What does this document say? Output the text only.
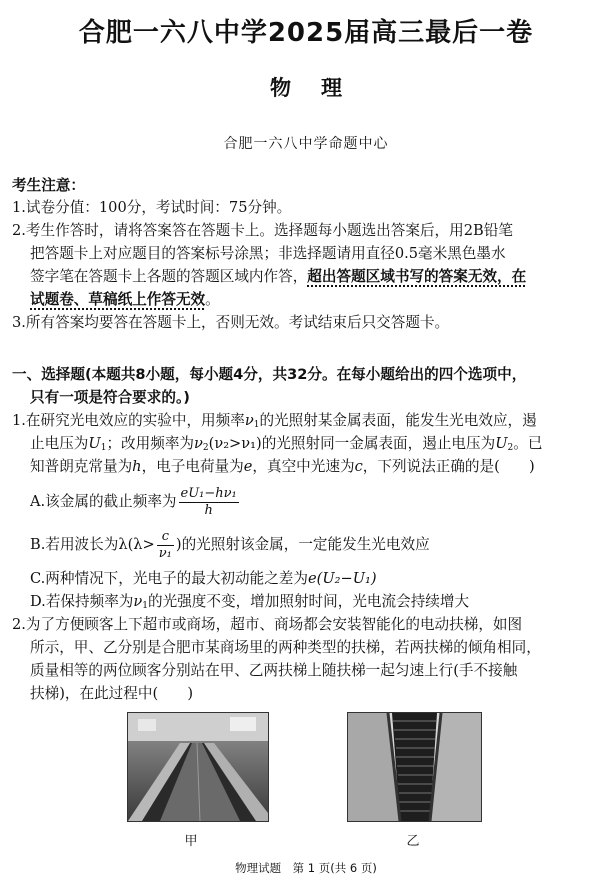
合肥一六八中学2025届高三最后一卷
物理
合肥一六八中学命题中心
考生注意：
1.试卷分值：100分，考试时间：75分钟。
2.考生作答时，请将答案答在答题卡上。选择题每小题选出答案后，用2B铅笔
把答题卡上对应题目的答案标号涂黑；非选择题请用直径0.5毫米黑色墨水
签字笔在答题卡上各题的答题区域内作答，超出答题区域书写的答案无效，在
试题卷、草稿纸上作答无效。
3.所有答案均要答在答题卡上，否则无效。考试结束后只交答题卡。
一、选择题(本题共8小题，每小题4分，共32分。在每小题给出的四个选项中，
只有一项是符合要求的。)
1.在研究光电效应的实验中，用频率$\nu_1$的光照射某金属表面，能发生光电效应，遏
止电压为$U_1$；改用频率为$\nu_2(\nu_2>\nu_1)$的光照射同一金属表面，遏止电压为$U_2$。已
知普朗克常量为h，电子电荷量为e，真空中光速为c，下列说法正确的是(　　)
A.该金属的截止频率为 $\frac{\text{eU₁−hν₁}}{h}$
B.若用波长为$\lambda(\lambda> \frac{c}{\text{ν₁}}$ )的光照射该金属，一定能发生光电效应
C.两种情况下，光电子的最大初动能之差为e(U₂−U₁)
D.若保持频率为$\nu_1$的光强度不变，增加照射时间，光电流会持续增大
2.为了方便顾客上下超市或商场，超市、商场都会安装智能化的电动扶梯，如图
所示，甲、乙分别是合肥市某商场里的两种类型的扶梯，若两扶梯的倾角相同，
质量相等的两位顾客分别站在甲、乙两扶梯上随扶梯一起匀速上行(手不接触
扶梯)，在此过程中(　　)
甲	乙
物理试题　第 1 页(共 6 页)
